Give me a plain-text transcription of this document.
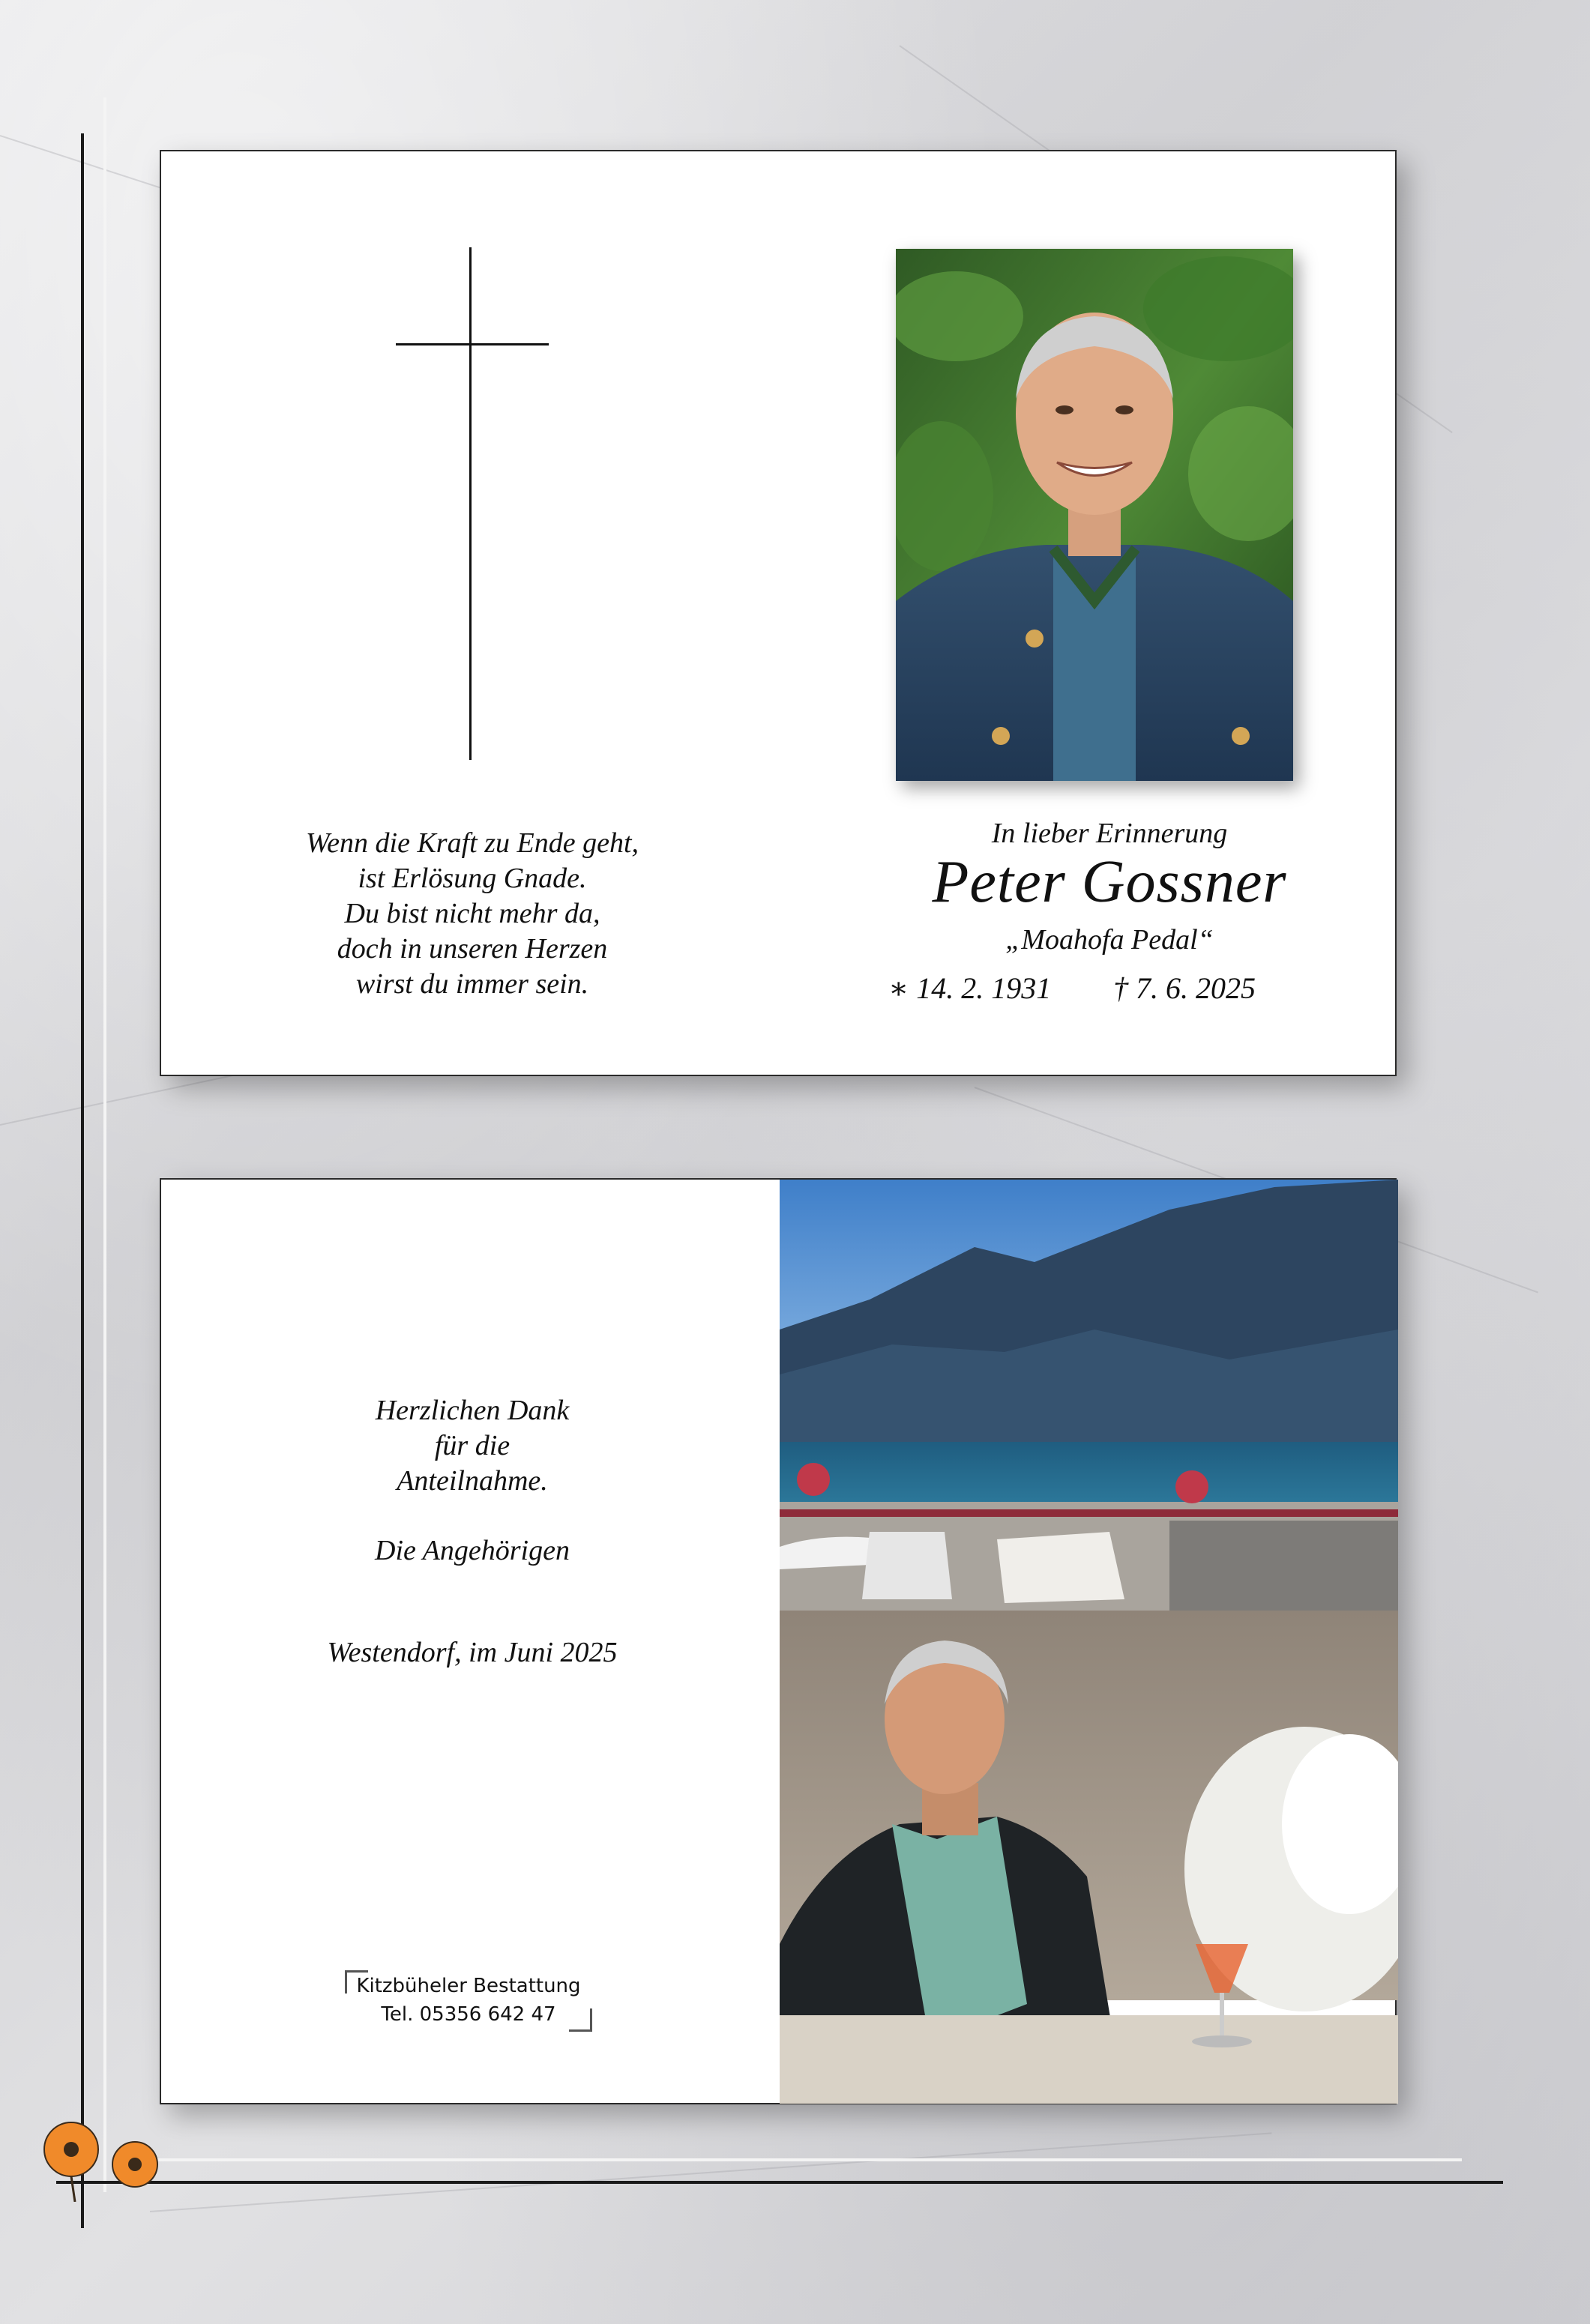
Wenn die Kraft zu Ende geht,
ist Erlösung Gnade.
Du bist nicht mehr da,
doch in unseren Herzen
wirst du immer sein.
In lieber Erinnerung
Peter Gossner
„Moahofa Pedal“
∗ 14. 2. 1931 † 7. 6. 2025
Herzlichen Dank
für die
Anteilnahme.
Die Angehörigen
Westendorf, im Juni 2025
Kitzbüheler Bestattung
Tel. 05356 642 47
